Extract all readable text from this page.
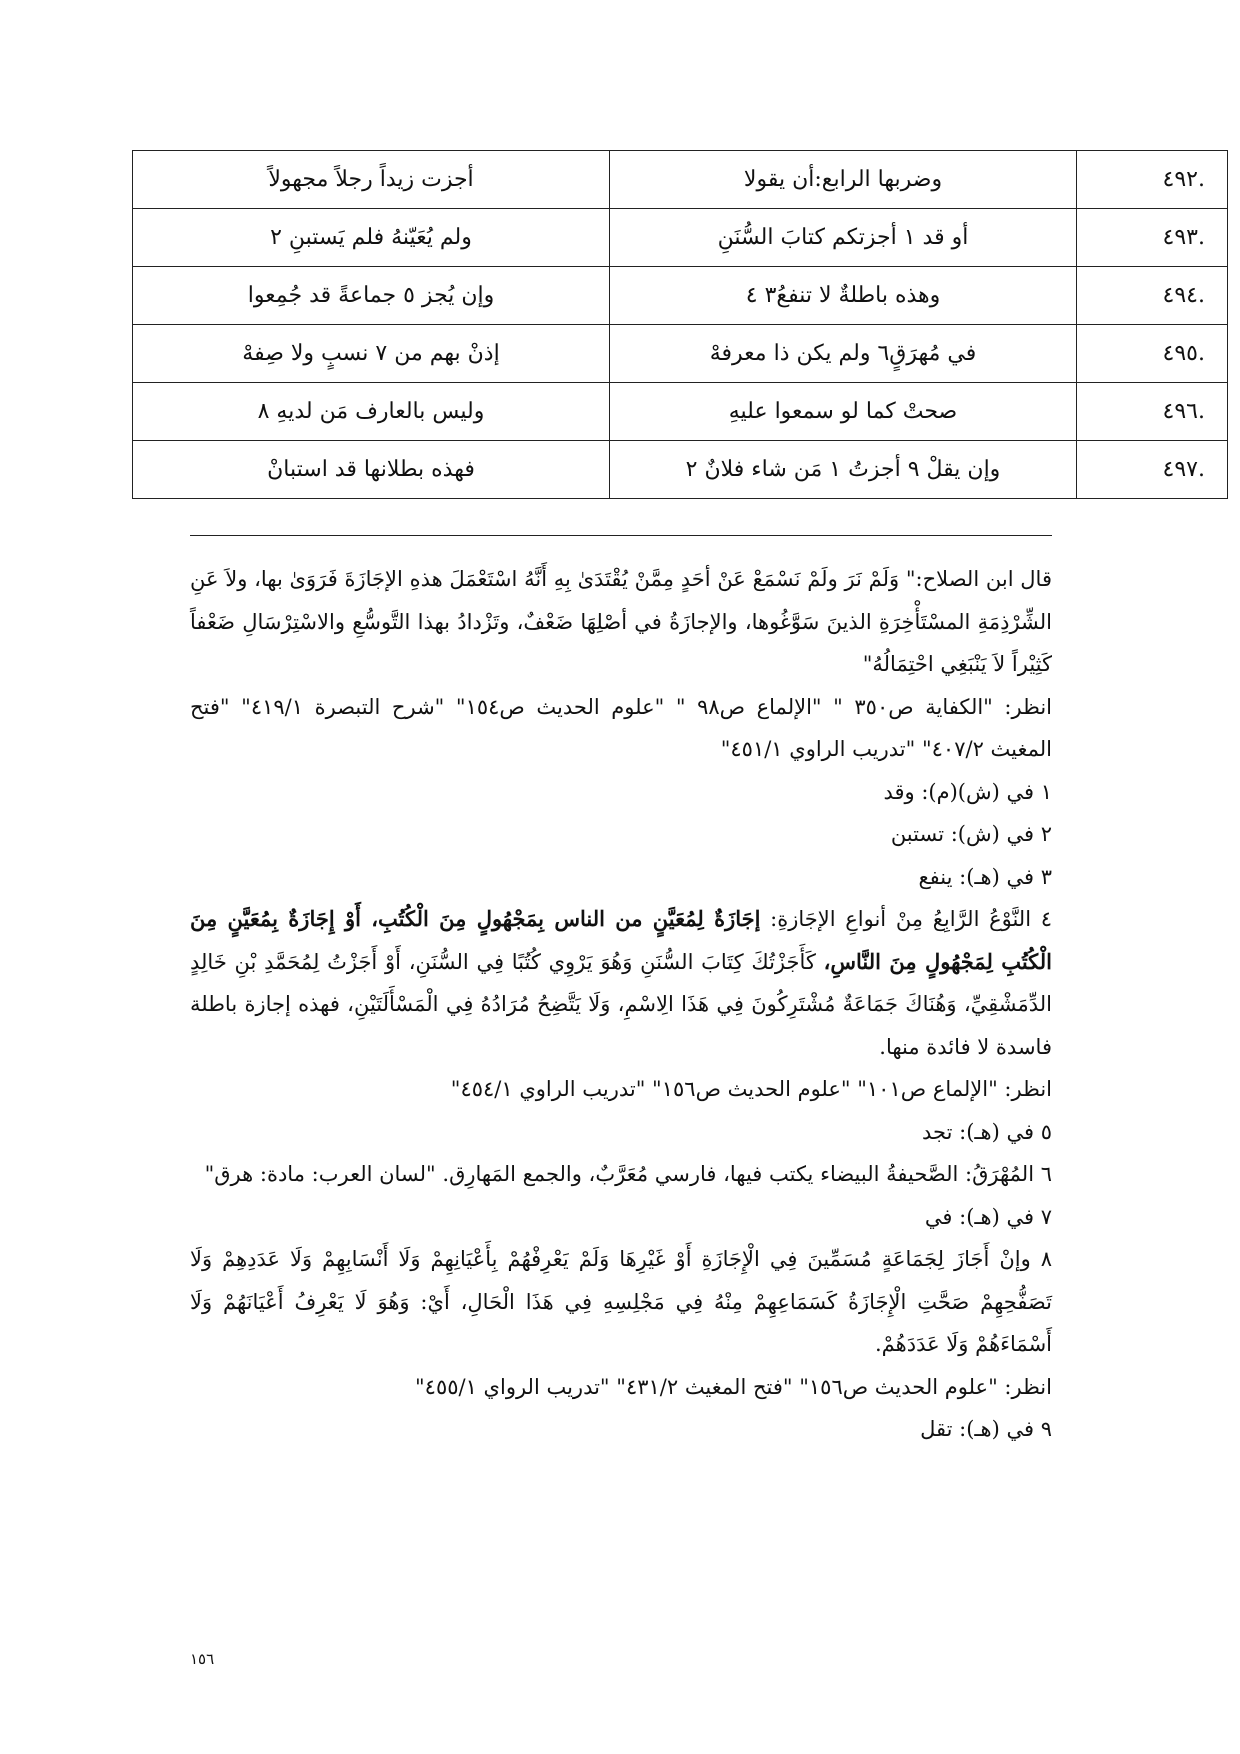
.٤٩٢	وضربها الرابع:أن يقولا	أجزت زيداً رجلاً مجهولاً
.٤٩٣	أو قد ١ أجزتكم كتابَ السُّنَنِ	ولم يُعَيّنهُ فلم يَستبنِ ٢
.٤٩٤	وهذه باطلةٌ لا تنفعُ٣ ٤	وإن يُجز ٥ جماعةً قد جُمِعوا
.٤٩٥	في مُهرَقٍ٦ ولم يكن ذا معرفهْ	إذنْ بهم من ٧ نسبٍ ولا صِفهْ
.٤٩٦	صحتْ كما لو سمعوا عليهِ	وليس بالعارف مَن لديهِ ٨
.٤٩٧	وإن يقلْ ٩ أجزتُ ١ مَن شاء فلانٌ ٢	فهذه بطلانها قد استبانْ

قال ابن الصلاح:" وَلَمْ نَرَ ولَمْ نَسْمَعْ عَنْ أحَدٍ مِمَّنْ يُقْتَدَىٰ بِهِ أَنَّهُ اسْتَعْمَلَ هذهِ الإجَازَةَ فَرَوَىٰ بها، ولاَ عَنِ الشِّرْذِمَةِ المسْتَأْخِرَةِ الذينَ سَوَّغُوها، والإجازَةُ في أصْلِهَا ضَعْفٌ، وتَزْدادُ بهذا التَّوسُّعِ والاسْتِرْسَالِ ضَعْفاً كَثِيْراً لاَ يَنْبَغِي احْتِمَالُهُ"

انظر: "الكفاية ص٣٥٠ " "الإلماع ص٩٨ " "علوم الحديث ص١٥٤" "شرح التبصرة ٤١٩/١" "فتح المغيث ٤٠٧/٢" "تدريب الراوي ٤٥١/١"

١ في (ش)(م): وقد

٢ في (ش): تستبن

٣ في (هـ): ينفع

٤ النَّوْعُ الرَّابِعُ مِنْ أنواعِ الإجَازةِ: إجَازَةٌ لِمُعَيَّنٍ من الناس بِمَجْهُولٍ مِنَ الْكُتُبِ، أَوْ إِجَازَةٌ بِمُعَيَّنٍ مِنَ الْكُتُبِ لِمَجْهُولٍ مِنَ النَّاسِ، كَأَجَزْتُكَ كِتَابَ السُّنَنِ وَهُوَ يَرْوِي كُتُبًا فِي السُّنَنِ، أَوْ أَجَزْتُ لِمُحَمَّدِ بْنِ خَالِدٍ الدِّمَشْقِيِّ، وَهُنَاكَ جَمَاعَةٌ مُشْتَرِكُونَ فِي هَذَا الِاسْمِ، وَلَا يَتَّضِحُ مُرَادُهُ فِي الْمَسْأَلَتَيْنِ، فهذه إجازة باطلة فاسدة لا فائدة منها.

انظر: "الإلماع ص١٠١" "علوم الحديث ص١٥٦" "تدريب الراوي ٤٥٤/١"

٥ في (هـ): تجد

٦ المُهْرَقُ: الصَّحيفةُ البيضاء يكتب فيها، فارسي مُعَرَّبٌ، والجمع المَهارِق. "لسان العرب: مادة: هرق"

٧ في (هـ): في

٨ وإنْ أَجَازَ لِجَمَاعَةٍ مُسَمِّينَ فِي الْإِجَازَةِ أَوْ غَيْرِهَا وَلَمْ يَعْرِفْهُمْ بِأَعْيَانِهِمْ وَلَا أَنْسَابِهِمْ وَلَا عَدَدِهِمْ وَلَا تَصَفُّحِهِمْ صَحَّتِ الْإِجَازَةُ كَسَمَاعِهِمْ مِنْهُ فِي مَجْلِسِهِ فِي هَذَا الْحَالِ، أَيْ: وَهُوَ لَا يَعْرِفُ أَعْيَانَهُمْ وَلَا أَسْمَاءَهُمْ وَلَا عَدَدَهُمْ.

انظر: "علوم الحديث ص١٥٦" "فتح المغيث ٤٣١/٢" "تدريب الرواي ٤٥٥/١"

٩ في (هـ): تقل

١٥٦
